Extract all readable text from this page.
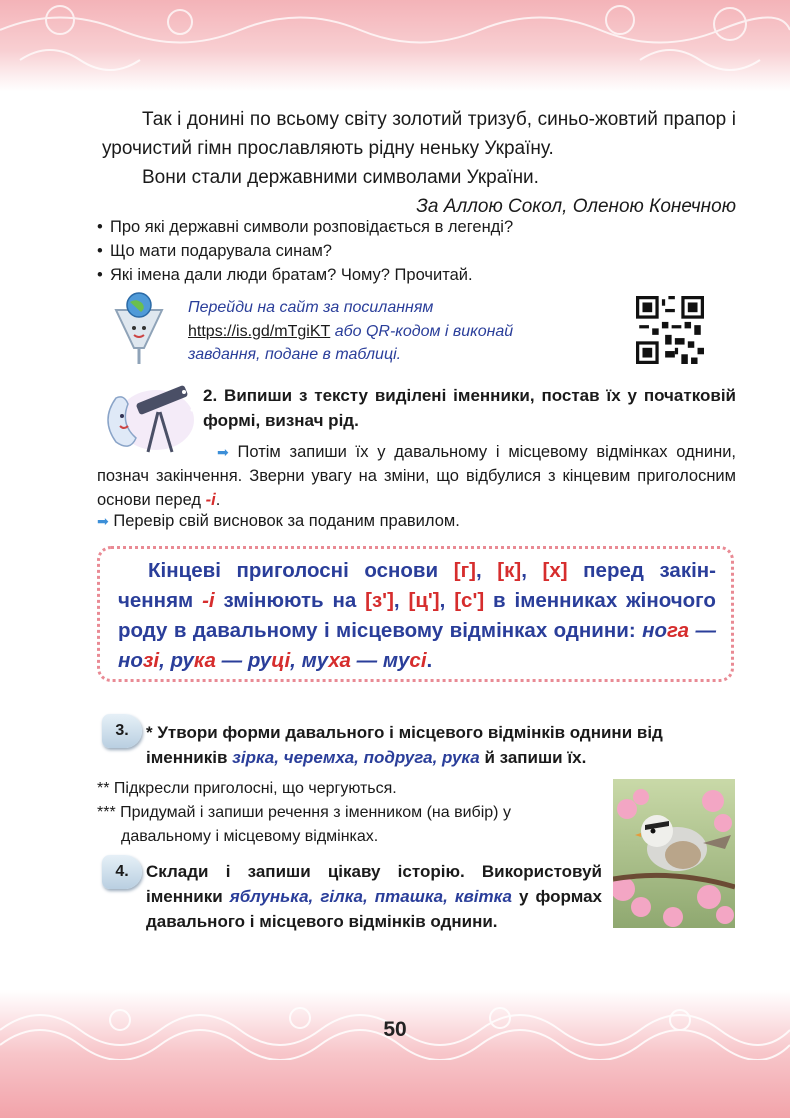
Так і донині по всьому світу золотий тризуб, синьо-жовтий прапор і урочистий гімн прославляють рідну неньку Україну.

Вони стали державними символами України.

За Аллою Сокол, Оленою Конечною

• Про які державні символи розповідається в легенді?
• Що мати подарувала синам?
• Які імена дали люди братам? Чому? Прочитай.
Перейди на сайт за посиланням
https://is.gd/mTgiKT або QR-кодом і виконай
завдання, подане в таблиці.
2. Випиши з тексту виділені іменники, постав їх у початковій формі, визнач рід.
➡ Потім запиши їх у давальному і місцевому відмінках однини, познач закінчення. Зверни увагу на зміни, що відбулися з кінцевим приголосним основи перед -і.
➡ Перевір свій висновок за поданим правилом.
Кінцеві приголосні основи [г], [к], [х] перед закін-ченням -і змінюють на [з'], [ц'], [с'] в іменниках жіночого роду в давальному і місцевому відмінках однини: нога — нозі, рука — руці, муха — мусі.
3.	* Утвори форми давального і місцевого відмінків однини від іменників зірка, черемха, подруга, рука й запиши їх.
** Підкресли приголосні, що чергуються.
*** Придумай і запиши речення з іменником (на вибір) у
давальному і місцевому відмінках.
4.	Склади і запиши цікаву історію. Використовуй іменники яблунька, гілка, пташка, квітка у формах давального і місцевого відмінків однини.
50
